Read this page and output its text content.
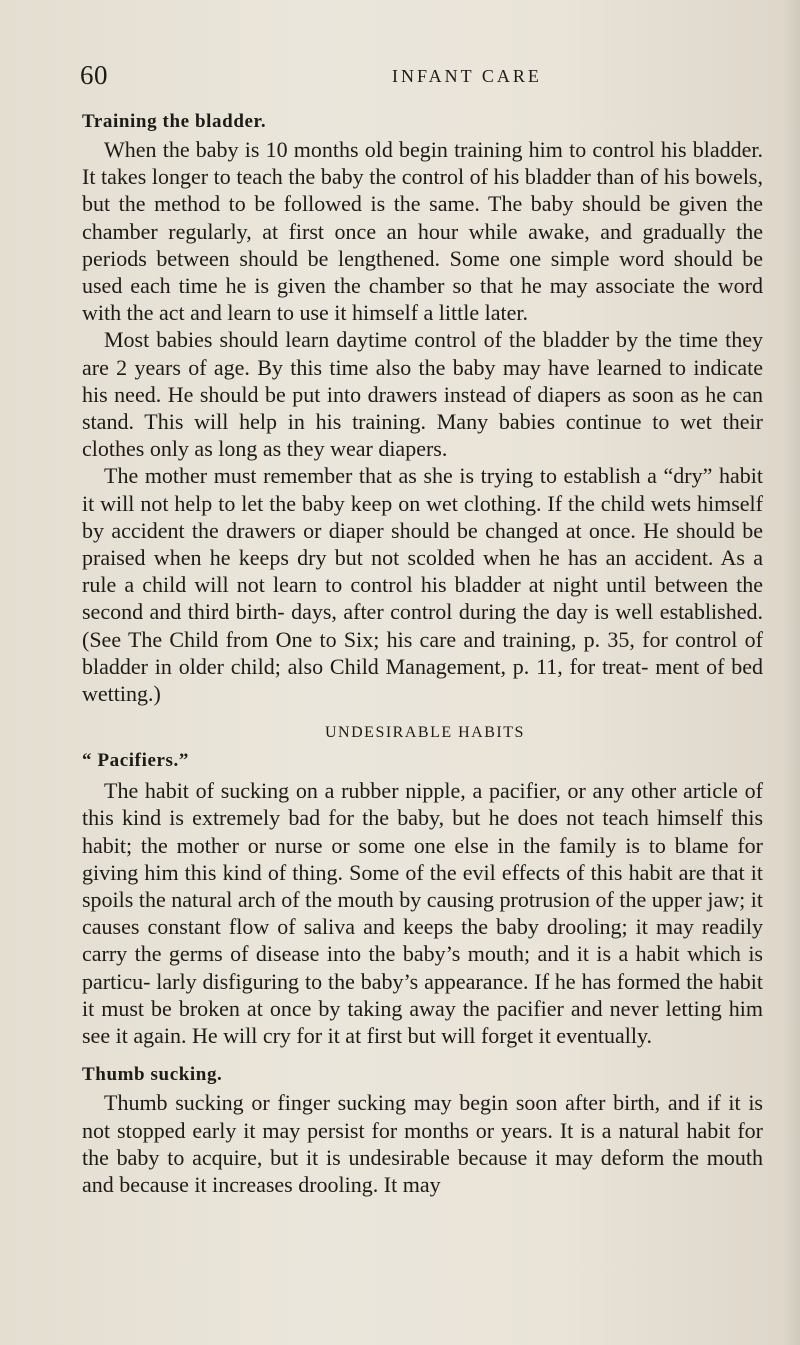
60	INFANT CARE
Training the bladder.

When the baby is 10 months old begin training him to control his bladder. It takes longer to teach the baby the control of his bladder than of his bowels, but the method to be followed is the same. The baby should be given the chamber regularly, at first once an hour while awake, and gradually the periods between should be lengthened. Some one simple word should be used each time he is given the chamber so that he may associate the word with the act and learn to use it himself a little later.

Most babies should learn daytime control of the bladder by the time they are 2 years of age. By this time also the baby may have learned to indicate his need. He should be put into drawers instead of diapers as soon as he can stand. This will help in his training. Many babies continue to wet their clothes only as long as they wear diapers.

The mother must remember that as she is trying to establish a “dry” habit it will not help to let the baby keep on wet clothing. If the child wets himself by accident the drawers or diaper should be changed at once. He should be praised when he keeps dry but not scolded when he has an accident. As a rule a child will not learn to control his bladder at night until between the second and third birth- days, after control during the day is well established. (See The Child from One to Six; his care and training, p. 35, for control of bladder in older child; also Child Management, p. 11, for treat- ment of bed wetting.)

UNDESIRABLE HABITS
“ Pacifiers.”

The habit of sucking on a rubber nipple, a pacifier, or any other article of this kind is extremely bad for the baby, but he does not teach himself this habit; the mother or nurse or some one else in the family is to blame for giving him this kind of thing. Some of the evil effects of this habit are that it spoils the natural arch of the mouth by causing protrusion of the upper jaw; it causes constant flow of saliva and keeps the baby drooling; it may readily carry the germs of disease into the baby’s mouth; and it is a habit which is particu- larly disfiguring to the baby’s appearance. If he has formed the habit it must be broken at once by taking away the pacifier and never letting him see it again. He will cry for it at first but will forget it eventually.

Thumb sucking.

Thumb sucking or finger sucking may begin soon after birth, and if it is not stopped early it may persist for months or years. It is a natural habit for the baby to acquire, but it is undesirable because it may deform the mouth and because it increases drooling. It may
